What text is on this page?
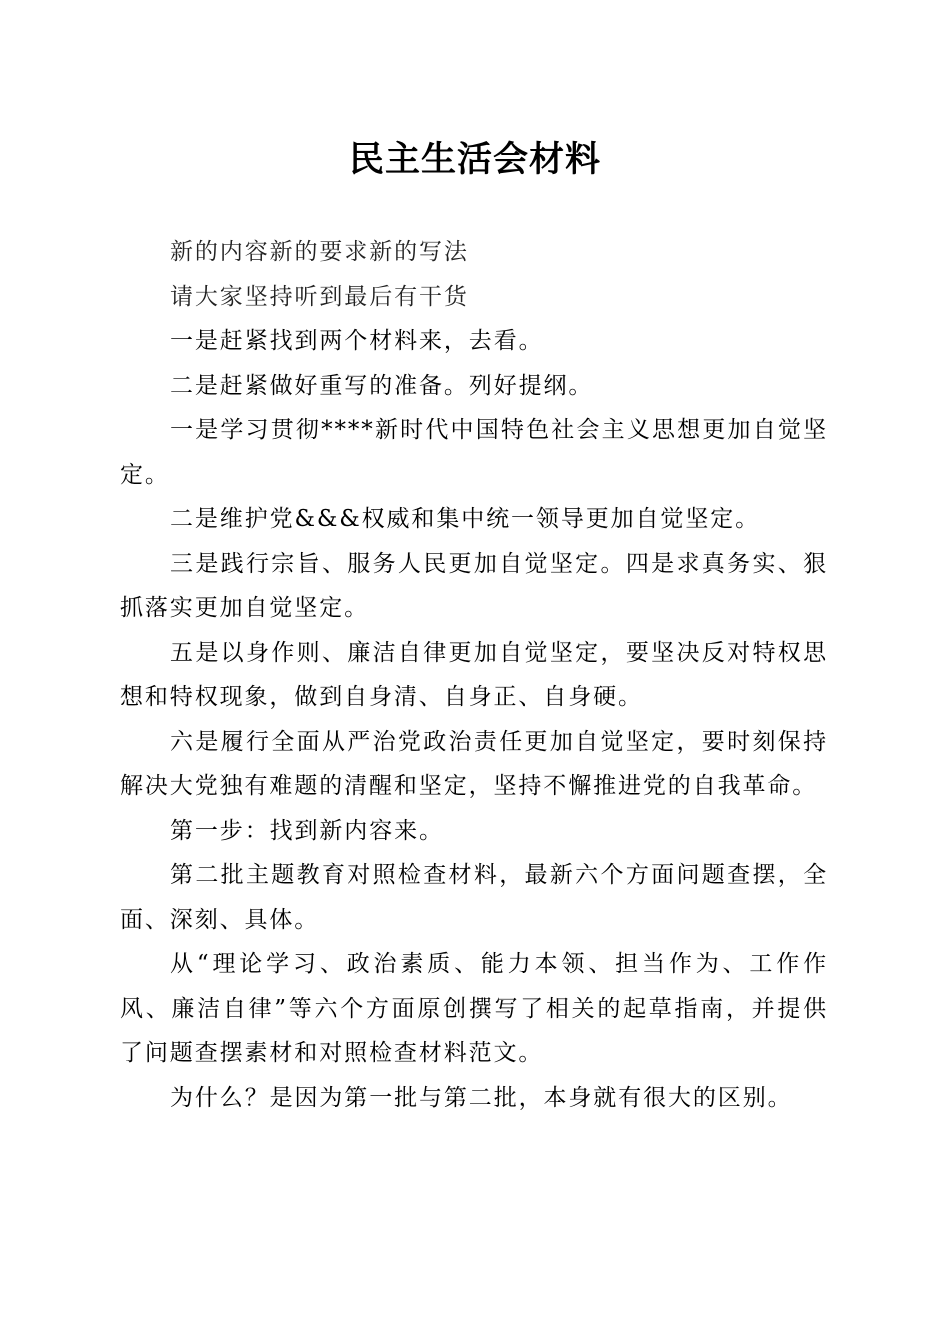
民主生活会材料

新的内容新的要求新的写法

请大家坚持听到最后有干货

一是赶紧找到两个材料来，去看。

二是赶紧做好重写的准备。列好提纲。

一是学习贯彻****新时代中国特色社会主义思想更加自觉坚定。

二是维护党&&&权威和集中统一领导更加自觉坚定。

三是践行宗旨、服务人民更加自觉坚定。四是求真务实、狠抓落实更加自觉坚定。

五是以身作则、廉洁自律更加自觉坚定，要坚决反对特权思想和特权现象，做到自身清、自身正、自身硬。

六是履行全面从严治党政治责任更加自觉坚定，要时刻保持解决大党独有难题的清醒和坚定，坚持不懈推进党的自我革命。

第一步：找到新内容来。

第二批主题教育对照检查材料，最新六个方面问题查摆，全面、深刻、具体。

从“理论学习、政治素质、能力本领、担当作为、工作作风、廉洁自律”等六个方面原创撰写了相关的起草指南，并提供了问题查摆素材和对照检查材料范文。

为什么？是因为第一批与第二批，本身就有很大的区别。
